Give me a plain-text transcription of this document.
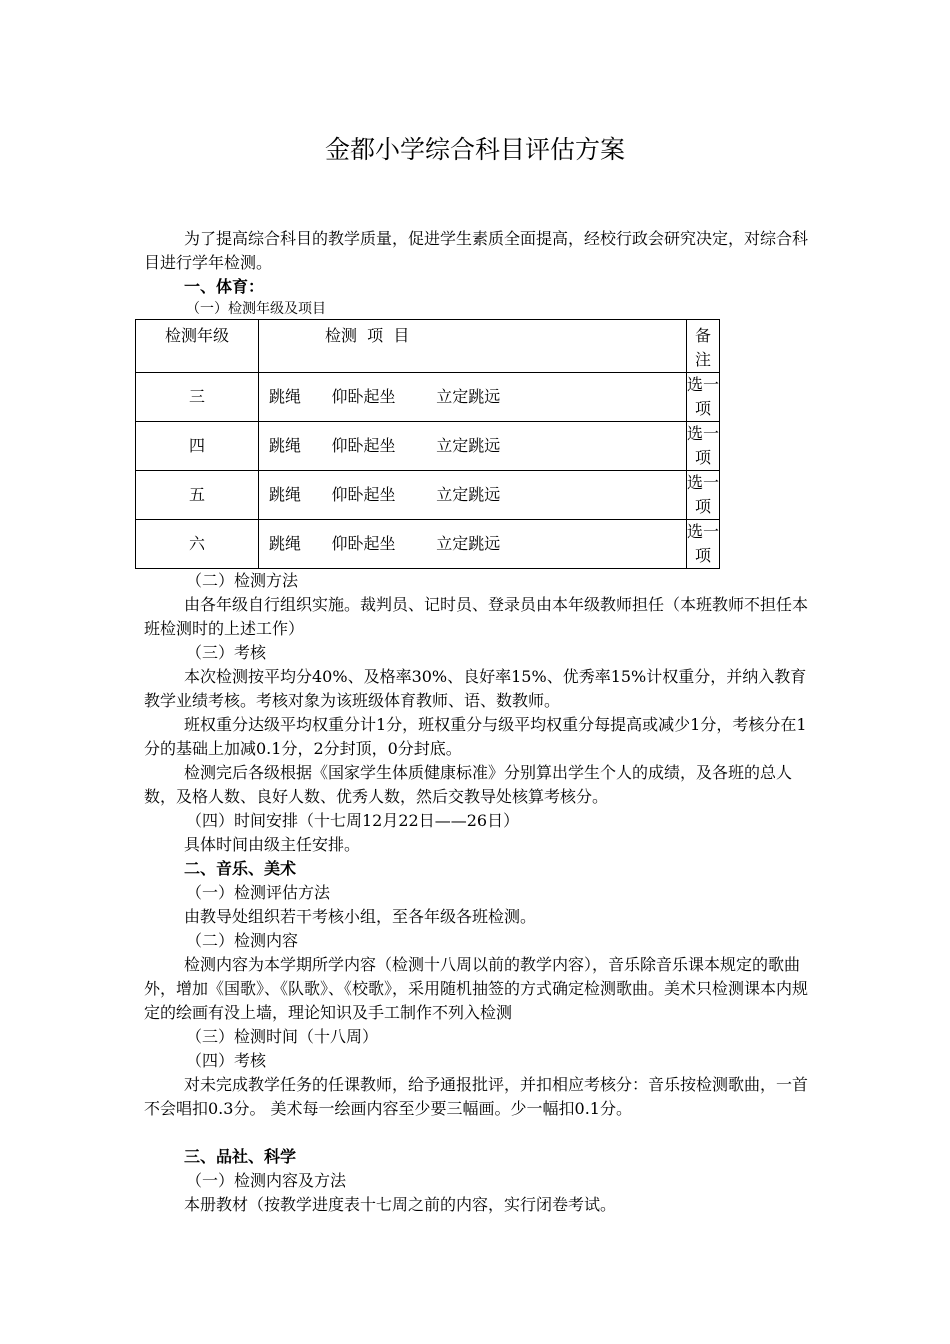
金都小学综合科目评估方案

为了提高综合科目的教学质量，促进学生素质全面提高，经校行政会研究决定，对综合科目进行学年检测。

一、体育：

（一）检测年级及项目

检测年级	检测  项  目	备 注
三	跳绳      仰卧起坐        立定跳远	选一项
四	跳绳      仰卧起坐        立定跳远	选一项
五	跳绳      仰卧起坐        立定跳远	选一项
六	跳绳      仰卧起坐        立定跳远	选一项

（二）检测方法

由各年级自行组织实施。裁判员、记时员、登录员由本年级教师担任（本班教师不担任本班检测时的上述工作）

（三）考核

本次检测按平均分40%、及格率30%、良好率15%、优秀率15%计权重分，并纳入教育教学业绩考核。考核对象为该班级体育教师、语、数教师。

班权重分达级平均权重分计1分，班权重分与级平均权重分每提高或减少1分，考核分在1分的基础上加减0.1分，2分封顶，0分封底。

检测完后各级根据《国家学生体质健康标准》分别算出学生个人的成绩，及各班的总人数，及格人数、良好人数、优秀人数，然后交教导处核算考核分。

（四）时间安排（十七周12月22日——26日）

具体时间由级主任安排。

二、音乐、美术

（一）检测评估方法

由教导处组织若干考核小组，至各年级各班检测。

（二）检测内容

检测内容为本学期所学内容（检测十八周以前的教学内容），音乐除音乐课本规定的歌曲外，增加《国歌》、《队歌》、《校歌》，采用随机抽签的方式确定检测歌曲。美术只检测课本内规定的绘画有没上墙，理论知识及手工制作不列入检测

（三）检测时间（十八周）

（四）考核

对未完成教学任务的任课教师，给予通报批评，并扣相应考核分：音乐按检测歌曲，一首不会唱扣0.3分。 美术每一绘画内容至少要三幅画。少一幅扣0.1分。

三、品社、科学

（一）检测内容及方法

本册教材（按教学进度表十七周之前的内容，实行闭卷考试。
